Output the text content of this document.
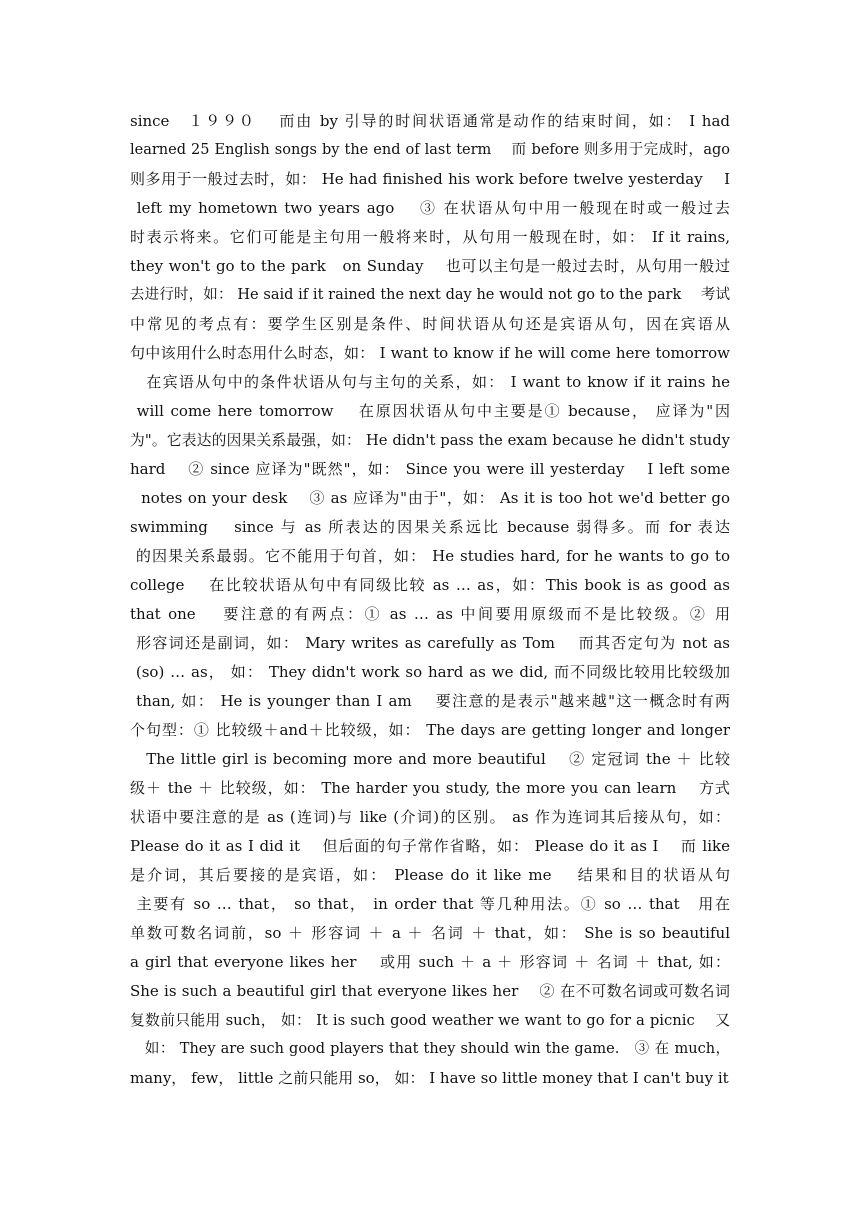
since　１９９０　 而由 by 引导的时间状语通常是动作的结束时间，如： I had
learned 25 English songs by the end of last term　 而 before 则多用于完成时，ago
则多用于一般过去时，如： He had finished his work before twelve yesterday　 I
left my hometown two years ago　 ③ 在状语从句中用一般现在时或一般过去
时表示将来。它们可能是主句用一般将来时，从句用一般现在时，如： If it rains,
they won't go to the park　on Sunday　 也可以主句是一般过去时，从句用一般过
去进行时，如： He said if it rained the next day he would not go to the park　 考试
中常见的考点有：要学生区别是条件、时间状语从句还是宾语从句，因在宾语从
句中该用什么时态用什么时态，如： I want to know if he will come here tomorrow
　在宾语从句中的条件状语从句与主句的关系，如： I want to know if it rains he
will come here tomorrow　 在原因状语从句中主要是① because， 应译为"因
为"。它表达的因果关系最强，如： He didn't pass the exam because he didn't study
hard　 ② since 应译为"既然"，如： Since you were ill yesterday　 I left some
notes on your desk　 ③ as 应译为"由于"，如： As it is too hot we'd better go
swimming　 since 与 as 所表达的因果关系远比 because 弱得多。而 for 表达
的因果关系最弱。它不能用于句首，如： He studies hard, for he wants to go to
college　 在比较状语从句中有同级比较 as … as，如：This book is as good as
that one　 要注意的有两点：① as … as 中间要用原级而不是比较级。② 用
形容词还是副词，如： Mary writes as carefully as Tom　 而其否定句为 not as
(so) … as， 如： They didn't work so hard as we did, 而不同级比较用比较级加
than, 如： He is younger than I am　 要注意的是表示"越来越"这一概念时有两
个句型：① 比较级＋and＋比较级，如： The days are getting longer and longer
　The little girl is becoming more and more beautiful　 ② 定冠词 the ＋ 比较
级＋ the ＋ 比较级，如： The harder you study, the more you can learn　 方式
状语中要注意的是 as (连词)与 like (介词)的区别。 as 作为连词其后接从句，如：
Please do it as I did it　 但后面的句子常作省略，如： Please do it as I　 而 like
是介词，其后要接的是宾语，如： Please do it like me　 结果和目的状语从句
主要有 so … that， so that， in order that 等几种用法。① so … that　用在
单数可数名词前，so ＋ 形容词 ＋ a ＋ 名词 ＋ that，如： She is so beautiful
a girl that everyone likes her　 或用 such ＋ a ＋ 形容词 ＋ 名词 ＋ that, 如：
She is such a beautiful girl that everyone likes her　 ② 在不可数名词或可数名词
复数前只能用 such， 如： It is such good weather we want to go for a picnic　 又
　如： They are such good players that they should win the game.　③ 在 much，
many， few， little 之前只能用 so， 如： I have so little money that I can't buy it
